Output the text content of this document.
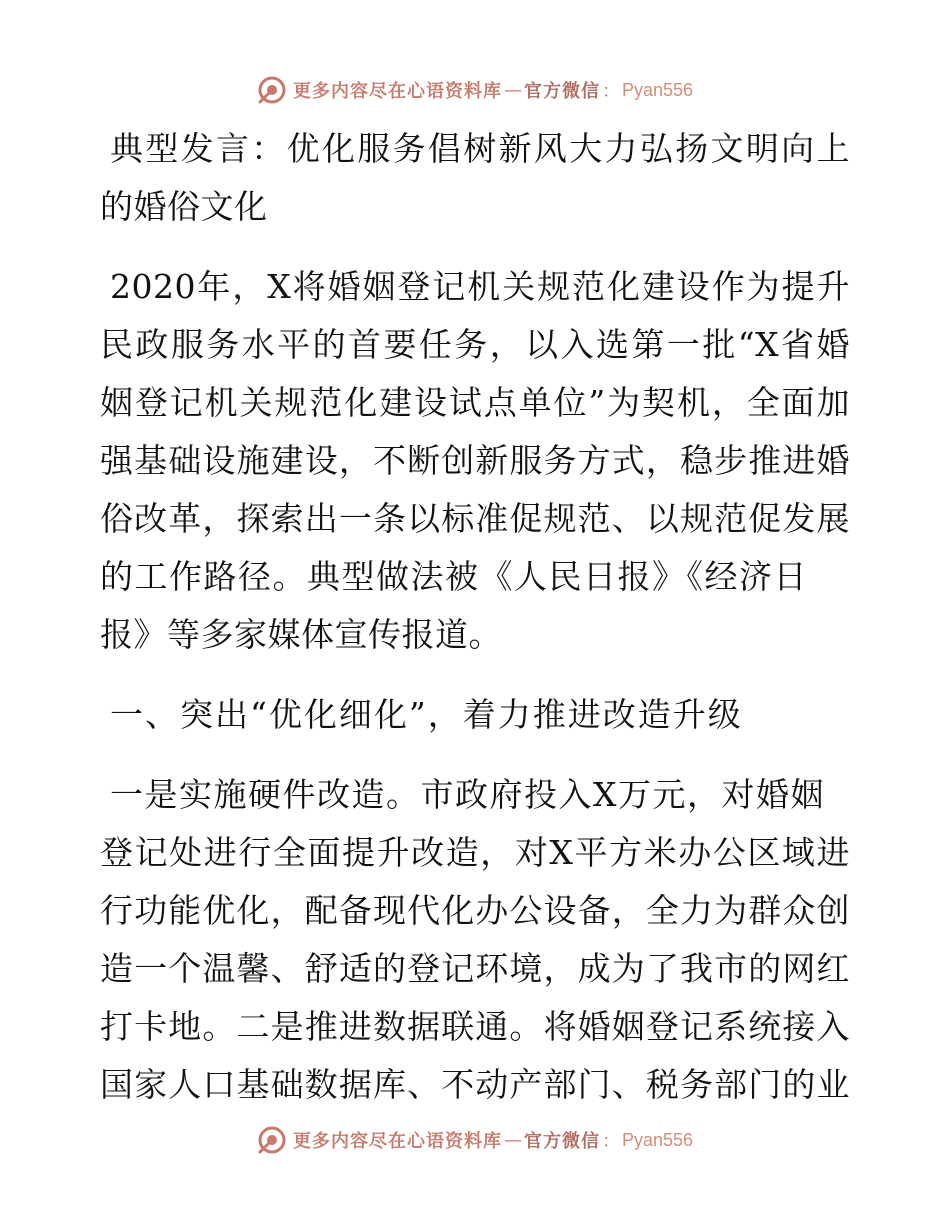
更多内容尽在心语资料库 — 官方微信 ： Pyan556
典型发言：优化服务倡树新风大力弘扬文明向上
的婚俗文化
2020年，X将婚姻登记机关规范化建设作为提升
民政服务水平的首要任务，以入选第一批“X省婚
姻登记机关规范化建设试点单位”为契机，全面加
强基础设施建设，不断创新服务方式，稳步推进婚
俗改革，探索出一条以标准促规范、以规范促发展
的工作路径。典型做法被《人民日报》《经济日
报》等多家媒体宣传报道。
一、突出“优化细化”，着力推进改造升级
一是实施硬件改造。市政府投入X万元，对婚姻
登记处进行全面提升改造，对X平方米办公区域进
行功能优化，配备现代化办公设备，全力为群众创
造一个温馨、舒适的登记环境，成为了我市的网红
打卡地。二是推进数据联通。将婚姻登记系统接入
国家人口基础数据库、不动产部门、税务部门的业
更多内容尽在心语资料库 — 官方微信 ： Pyan556
